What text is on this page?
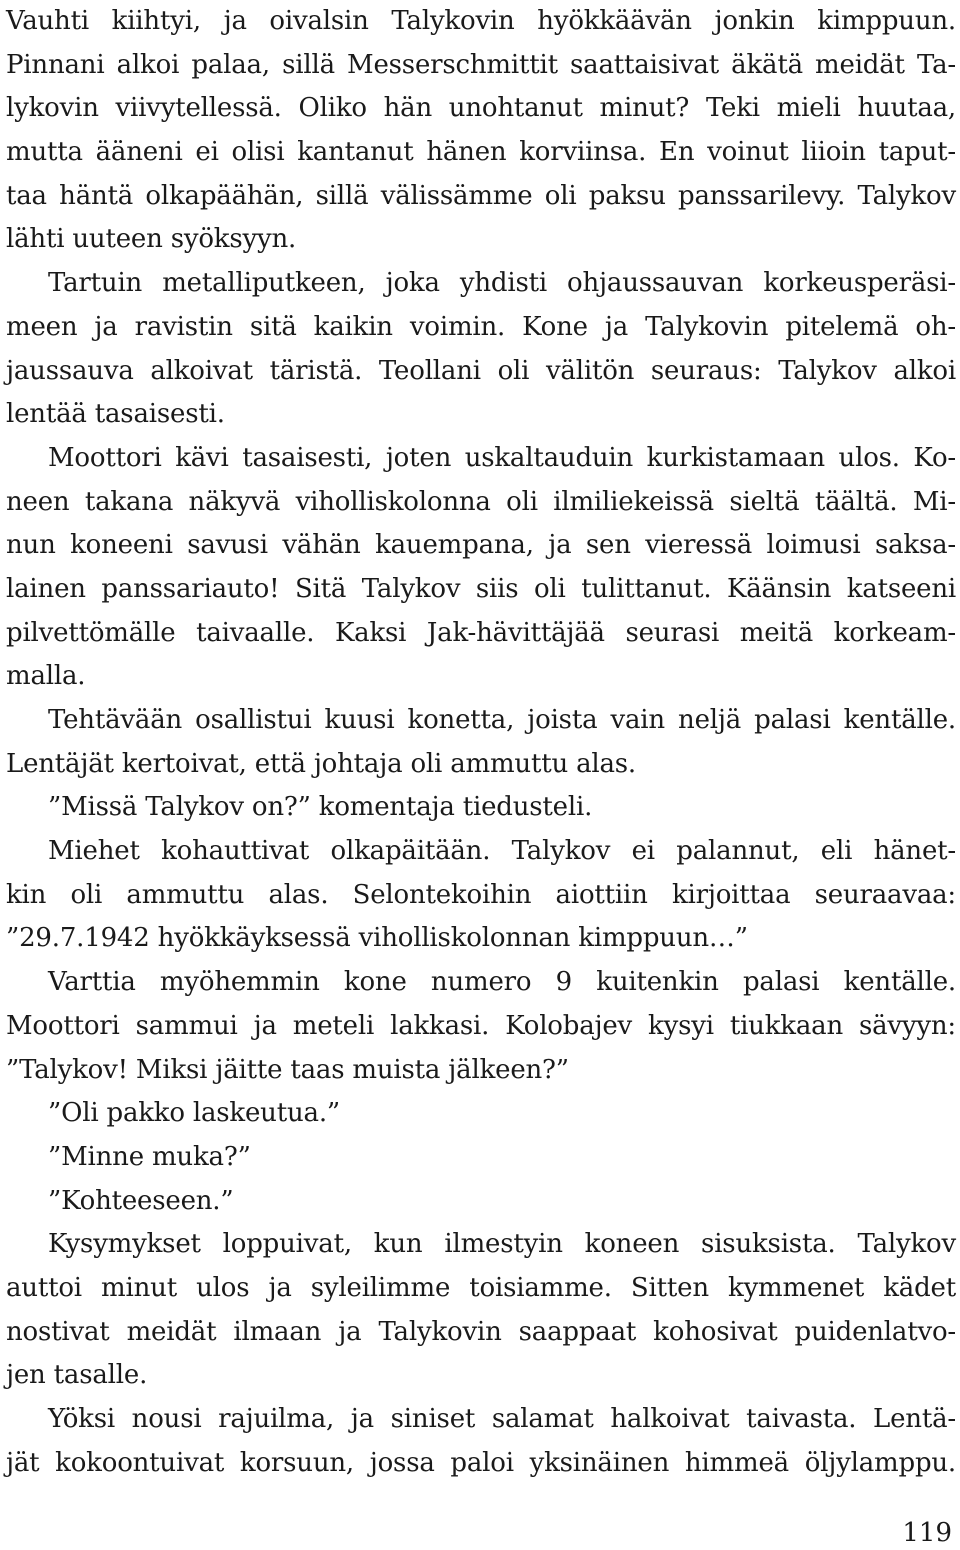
Vauhti kiihtyi, ja oivalsin Talykovin hyökkäävän jonkin kimppuun.
Pinnani alkoi palaa, sillä Messerschmittit saattaisivat äkätä meidät Ta-
lykovin viivytellessä. Oliko hän unohtanut minut? Teki mieli huutaa,
mutta ääneni ei olisi kantanut hänen korviinsa. En voinut liioin taput-
taa häntä olkapäähän, sillä välissämme oli paksu panssarilevy. Talykov
lähti uuteen syöksyyn.
Tartuin metalliputkeen, joka yhdisti ohjaussauvan korkeusperäsi-
meen ja ravistin sitä kaikin voimin. Kone ja Talykovin pitelemä oh-
jaussauva alkoivat täristä. Teollani oli välitön seuraus: Talykov alkoi
lentää tasaisesti.
Moottori kävi tasaisesti, joten uskaltauduin kurkistamaan ulos. Ko-
neen takana näkyvä viholliskolonna oli ilmiliekeissä sieltä täältä. Mi-
nun koneeni savusi vähän kauempana, ja sen vieressä loimusi saksa-
lainen panssariauto! Sitä Talykov siis oli tulittanut. Käänsin katseeni
pilvettömälle taivaalle. Kaksi Jak-hävittäjää seurasi meitä korkeam-
malla.
Tehtävään osallistui kuusi konetta, joista vain neljä palasi kentälle.
Lentäjät kertoivat, että johtaja oli ammuttu alas.
”Missä Talykov on?” komentaja tiedusteli.
Miehet kohauttivat olkapäitään. Talykov ei palannut, eli hänet-
kin oli ammuttu alas. Selontekoihin aiottiin kirjoittaa seuraavaa:
”29.7.1942 hyökkäyksessä viholliskolonnan kimppuun…”
Varttia myöhemmin kone numero 9 kuitenkin palasi kentälle.
Moottori sammui ja meteli lakkasi. Kolobajev kysyi tiukkaan sävyyn:
”Talykov! Miksi jäitte taas muista jälkeen?”
”Oli pakko laskeutua.”
”Minne muka?”
”Kohteeseen.”
Kysymykset loppuivat, kun ilmestyin koneen sisuksista. Talykov
auttoi minut ulos ja syleilimme toisiamme. Sitten kymmenet kädet
nostivat meidät ilmaan ja Talykovin saappaat kohosivat puidenlatvo-
jen tasalle.
Yöksi nousi rajuilma, ja siniset salamat halkoivat taivasta. Lentä-
jät kokoontuivat korsuun, jossa paloi yksinäinen himmeä öljylamppu.
119
